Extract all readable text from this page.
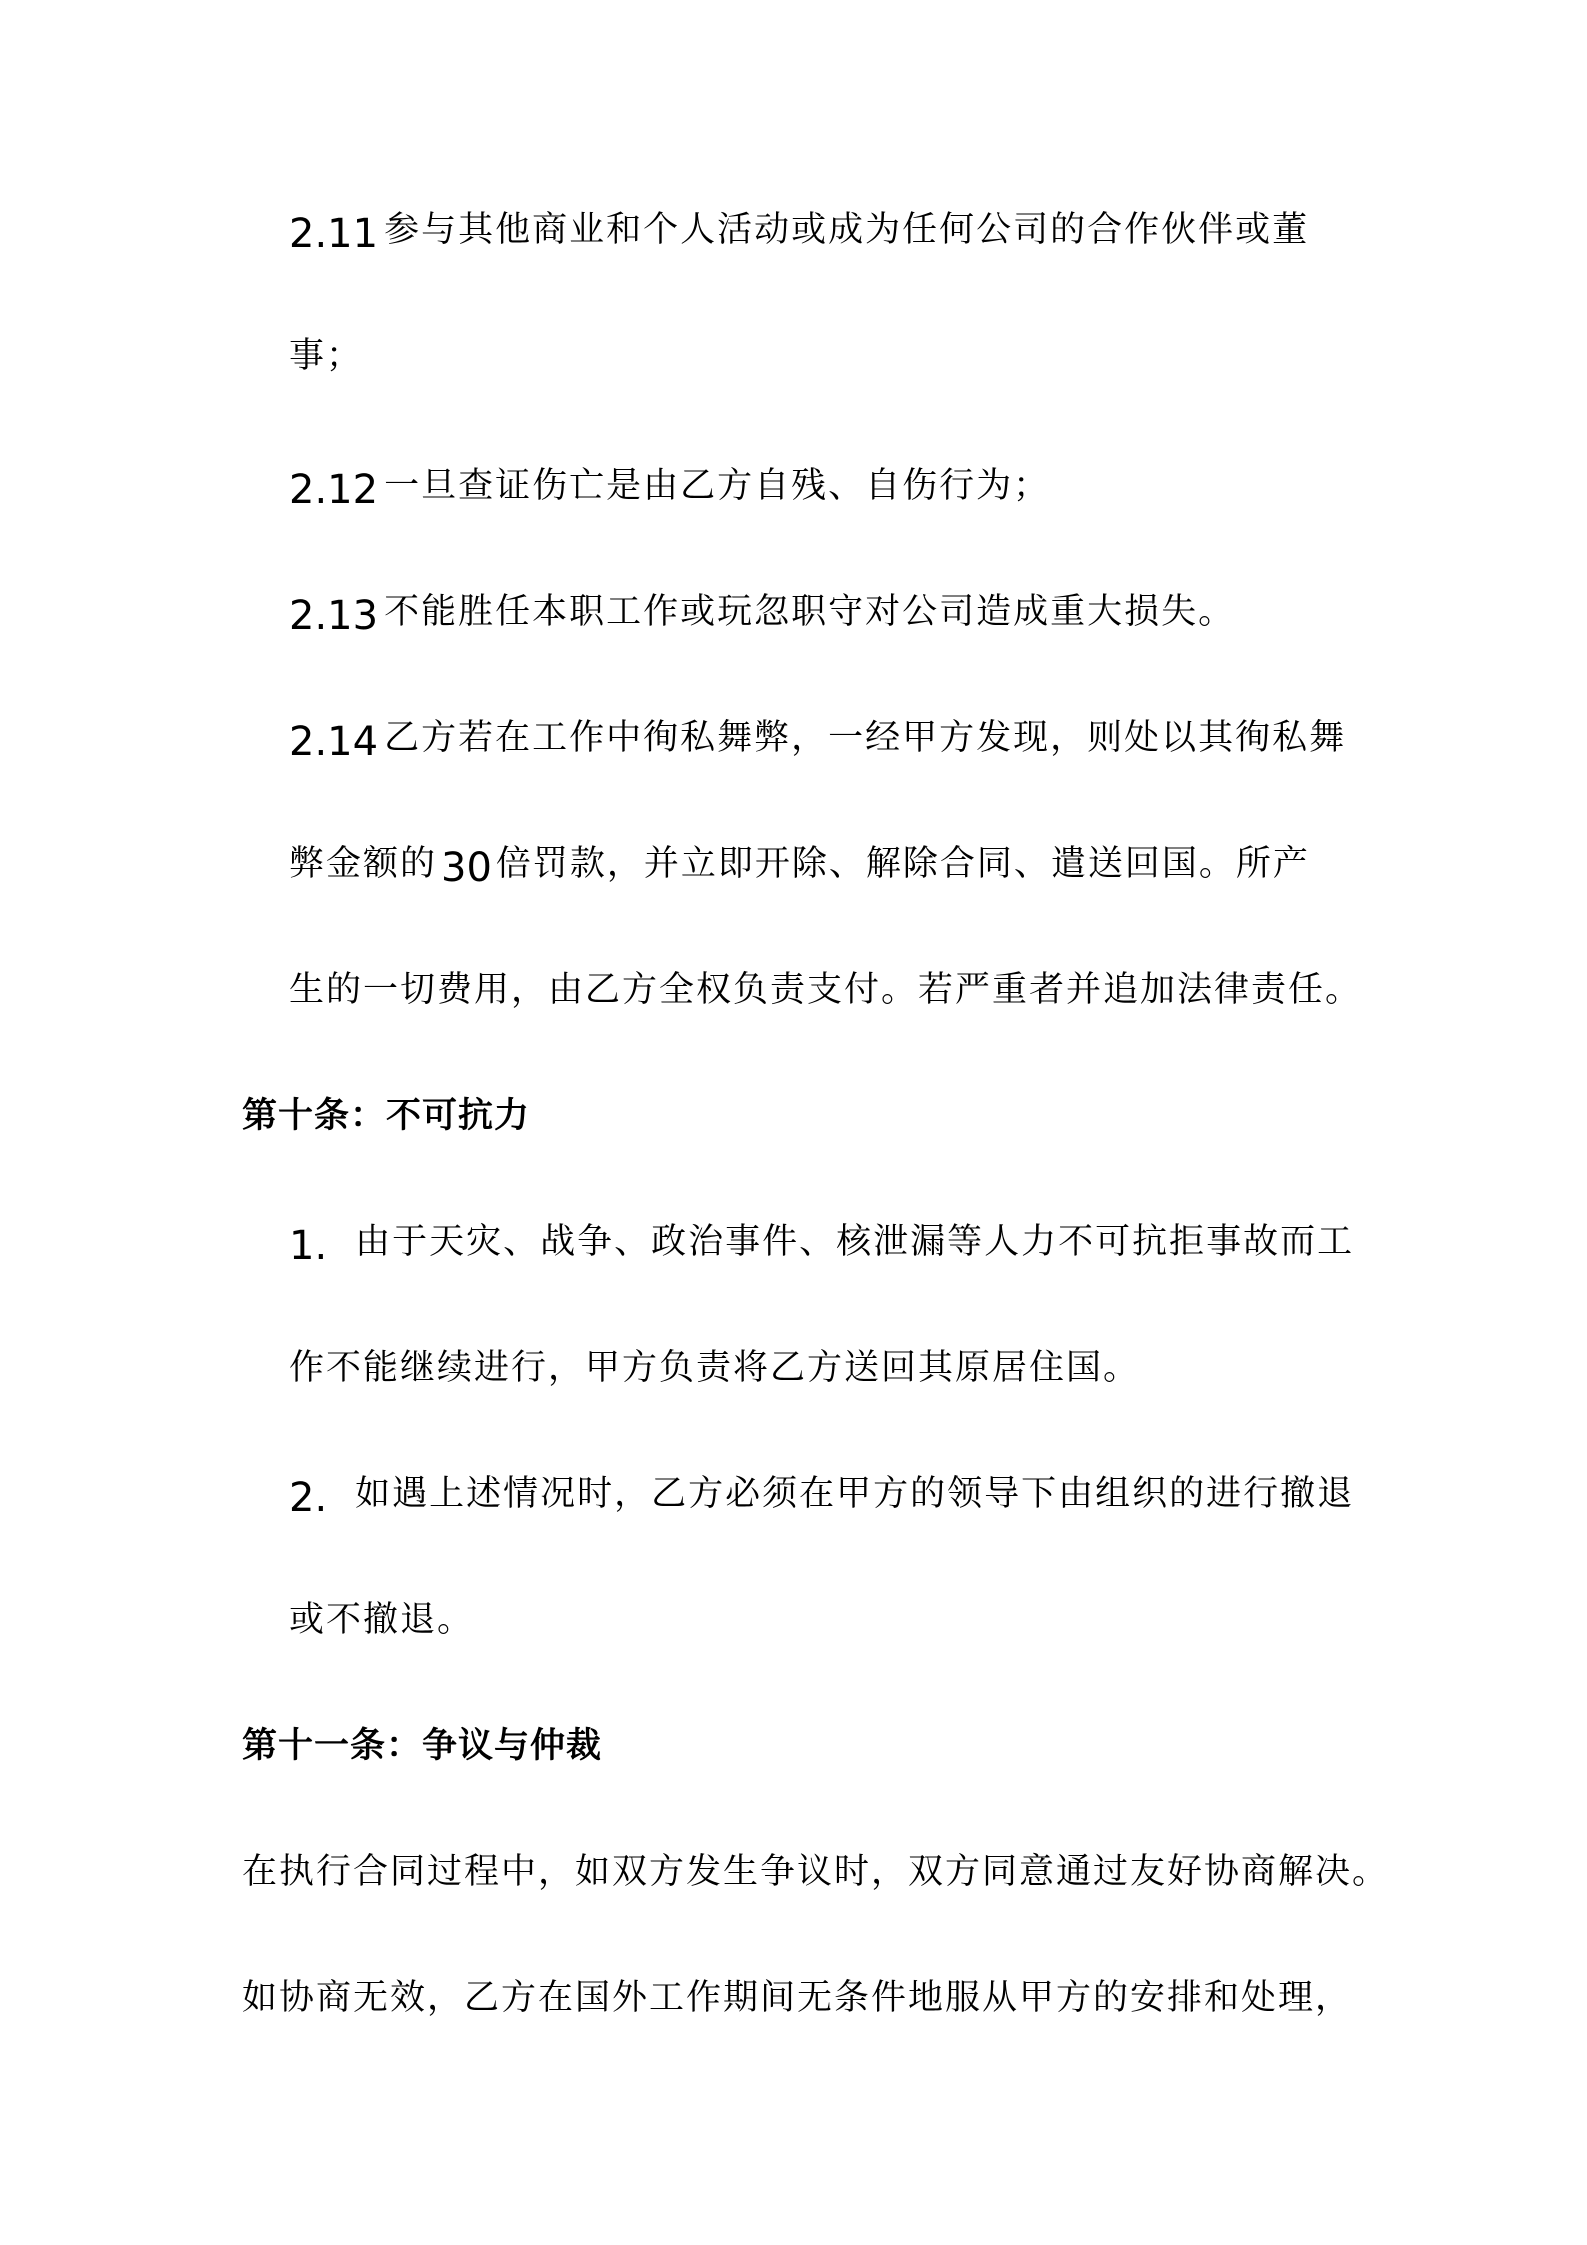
2.11 参与其他商业和个人活动或成为任何公司的合作伙伴或董
事；
2.12 一旦查证伤亡是由乙方自残、自伤行为；
2.13 不能胜任本职工作或玩忽职守对公司造成重大损失。
2.14 乙方若在工作中徇私舞弊，一经甲方发现，则处以其徇私舞
弊金额的 30 倍罚款，并立即开除、解除合同、遣送回国。所产
生的一切费用，由乙方全权负责支付。若严重者并追加法律责任。
第十条：不可抗力
1. 由于天灾、战争、政治事件、核泄漏等人力不可抗拒事故而工
作不能继续进行，甲方负责将乙方送回其原居住国。
2. 如遇上述情况时，乙方必须在甲方的领导下由组织的进行撤退
或不撤退。
第十一条：争议与仲裁
在执行合同过程中，如双方发生争议时，双方同意通过友好协商解决。
如协商无效，乙方在国外工作期间无条件地服从甲方的安排和处理，
